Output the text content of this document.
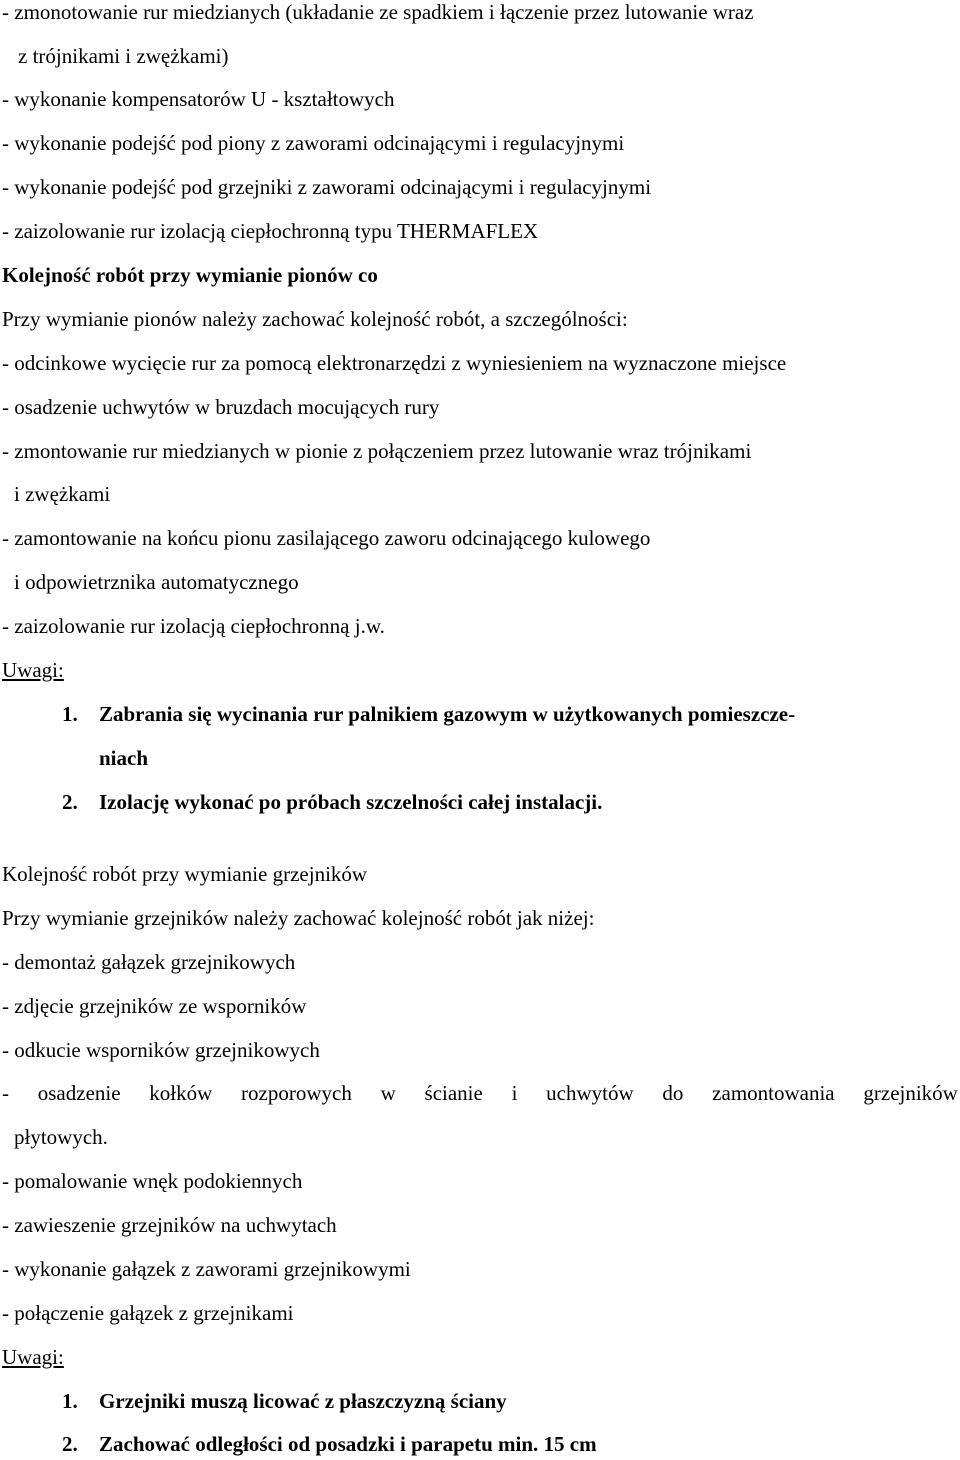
- zmonotowanie rur miedzianych (układanie ze spadkiem i łączenie przez lutowanie wraz
z trójnikami i zwężkami)
- wykonanie kompensatorów U - kształtowych
- wykonanie podejść pod piony z zaworami odcinającymi i regulacyjnymi
- wykonanie podejść pod grzejniki z zaworami odcinającymi i regulacyjnymi
- zaizolowanie rur izolacją ciepłochronną typu THERMAFLEX
Kolejność robót przy wymianie pionów co
Przy wymianie pionów należy zachować kolejność robót, a szczególności:
- odcinkowe wycięcie rur za pomocą elektronarzędzi z wyniesieniem na wyznaczone miejsce
- osadzenie uchwytów w bruzdach mocujących rury
- zmontowanie rur miedzianych w pionie z połączeniem przez lutowanie wraz trójnikami
i zwężkami
- zamontowanie na końcu pionu zasilającego zaworu odcinającego kulowego
i odpowietrznika automatycznego
- zaizolowanie rur izolacją ciepłochronną j.w.
Uwagi:
1. Zabrania się wycinania rur palnikiem gazowym w użytkowanych pomieszcze-
niach
2. Izolację wykonać po próbach szczelności całej instalacji.
Kolejność robót przy wymianie grzejników
Przy wymianie grzejników należy zachować kolejność robót jak niżej:
- demontaż gałązek grzejnikowych
- zdjęcie grzejników ze wsporników
- odkucie wsporników grzejnikowych
- osadzenie kołków rozporowych w ścianie i uchwytów do zamontowania grzejników
płytowych.
- pomalowanie wnęk podokiennych
- zawieszenie grzejników na uchwytach
- wykonanie gałązek z zaworami grzejnikowymi
- połączenie gałązek z grzejnikami
Uwagi:
1. Grzejniki muszą licować z płaszczyzną ściany
2. Zachować odległości od posadzki i parapetu min. 15 cm
